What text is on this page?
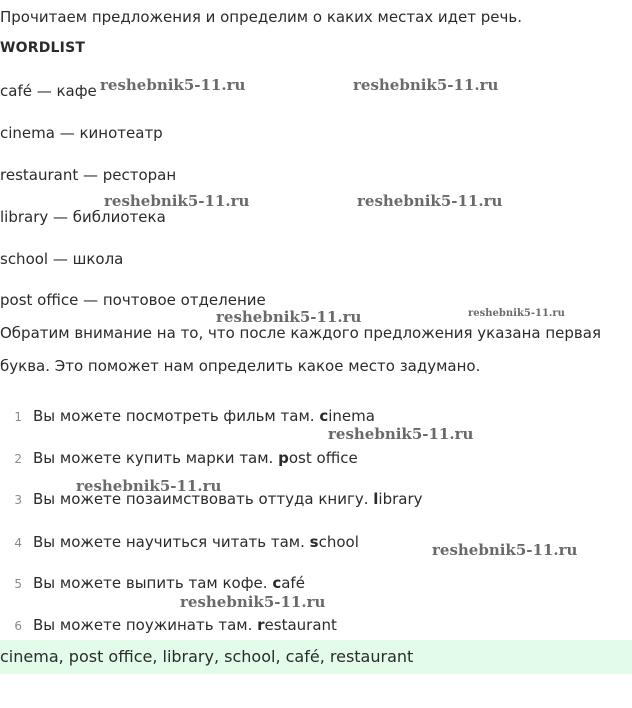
Прочитаем предложения и определим о каких местах идет речь.
WORDLIST
café — кафе
cinema — кинотеатр
restaurant — ресторан
library — библиотека
school — школа
post office — почтовое отделение
Обратим внимание на то, что после каждого предложения указана первая
буква. Это поможет нам определить какое место задумано.
1 Вы можете посмотреть фильм там. cinema
2 Вы можете купить марки там. post office
3 Вы можете позаимствовать оттуда книгу. library
4 Вы можете научиться читать там. school
5 Вы можете выпить там кофе. café
6 Вы можете поужинать там. restaurant
cinema, post office, library, school, café, restaurant
reshebnik5-11.ru	reshebnik5-11.ru
reshebnik5-11.ru	reshebnik5-11.ru
reshebnik5-11.ru	reshebnik5-11.ru
reshebnik5-11.ru
reshebnik5-11.ru
reshebnik5-11.ru
reshebnik5-11.ru
